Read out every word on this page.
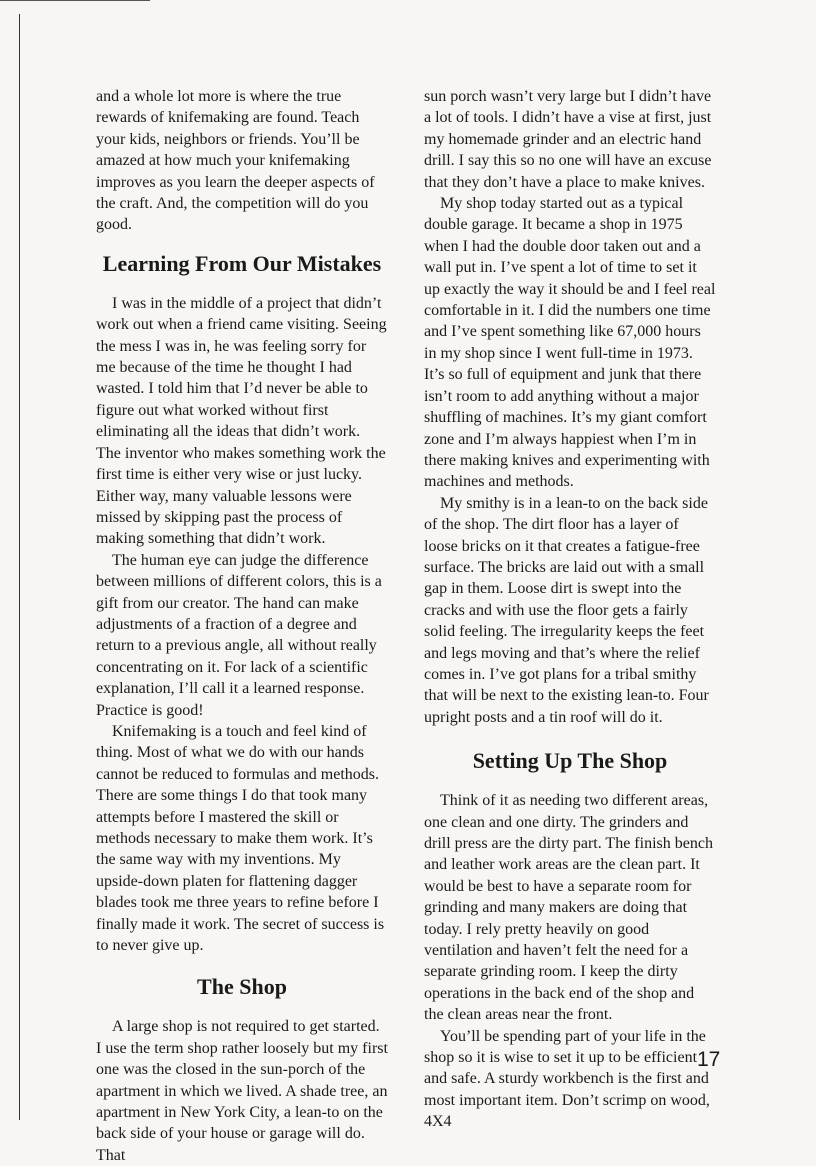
and a whole lot more is where the true rewards of knifemaking are found. Teach your kids, neighbors or friends. You’ll be amazed at how much your knifemaking improves as you learn the deeper aspects of the craft. And, the competition will do you good.

Learning From Our Mistakes

I was in the middle of a project that didn’t work out when a friend came visiting. Seeing the mess I was in, he was feeling sorry for me because of the time he thought I had wasted. I told him that I’d never be able to figure out what worked without first eliminating all the ideas that didn’t work. The inventor who makes something work the first time is either very wise or just lucky. Either way, many valuable lessons were missed by skipping past the process of making something that didn’t work.

The human eye can judge the difference between millions of different colors, this is a gift from our creator. The hand can make adjustments of a fraction of a degree and return to a previous angle, all without really concentrating on it. For lack of a scientific explanation, I’ll call it a learned response. Practice is good!

Knifemaking is a touch and feel kind of thing. Most of what we do with our hands cannot be reduced to formulas and methods. There are some things I do that took many attempts before I mastered the skill or methods necessary to make them work. It’s the same way with my inventions. My upside-down platen for flattening dagger blades took me three years to refine before I finally made it work. The secret of success is to never give up.

The Shop

A large shop is not required to get started. I use the term shop rather loosely but my first one was the closed in the sun-porch of the apartment in which we lived. A shade tree, an apartment in New York City, a lean-to on the back side of your house or garage will do. That

sun porch wasn’t very large but I didn’t have a lot of tools. I didn’t have a vise at first, just my homemade grinder and an electric hand drill. I say this so no one will have an excuse that they don’t have a place to make knives.

My shop today started out as a typical double garage. It became a shop in 1975 when I had the double door taken out and a wall put in. I’ve spent a lot of time to set it up exactly the way it should be and I feel real comfortable in it. I did the numbers one time and I’ve spent something like 67,000 hours in my shop since I went full-time in 1973. It’s so full of equipment and junk that there isn’t room to add anything without a major shuffling of machines. It’s my giant comfort zone and I’m always happiest when I’m in there making knives and experimenting with machines and methods.

My smithy is in a lean-to on the back side of the shop. The dirt floor has a layer of loose bricks on it that creates a fatigue-free surface. The bricks are laid out with a small gap in them. Loose dirt is swept into the cracks and with use the floor gets a fairly solid feeling. The irregularity keeps the feet and legs moving and that’s where the relief comes in. I’ve got plans for a tribal smithy that will be next to the existing lean-to. Four upright posts and a tin roof will do it.

Setting Up The Shop

Think of it as needing two different areas, one clean and one dirty. The grinders and drill press are the dirty part. The finish bench and leather work areas are the clean part. It would be best to have a separate room for grinding and many makers are doing that today. I rely pretty heavily on good ventilation and haven’t felt the need for a separate grinding room. I keep the dirty operations in the back end of the shop and the clean areas near the front.

You’ll be spending part of your life in the shop so it is wise to set it up to be efficient and safe. A sturdy workbench is the first and most important item. Don’t scrimp on wood, 4X4

17
